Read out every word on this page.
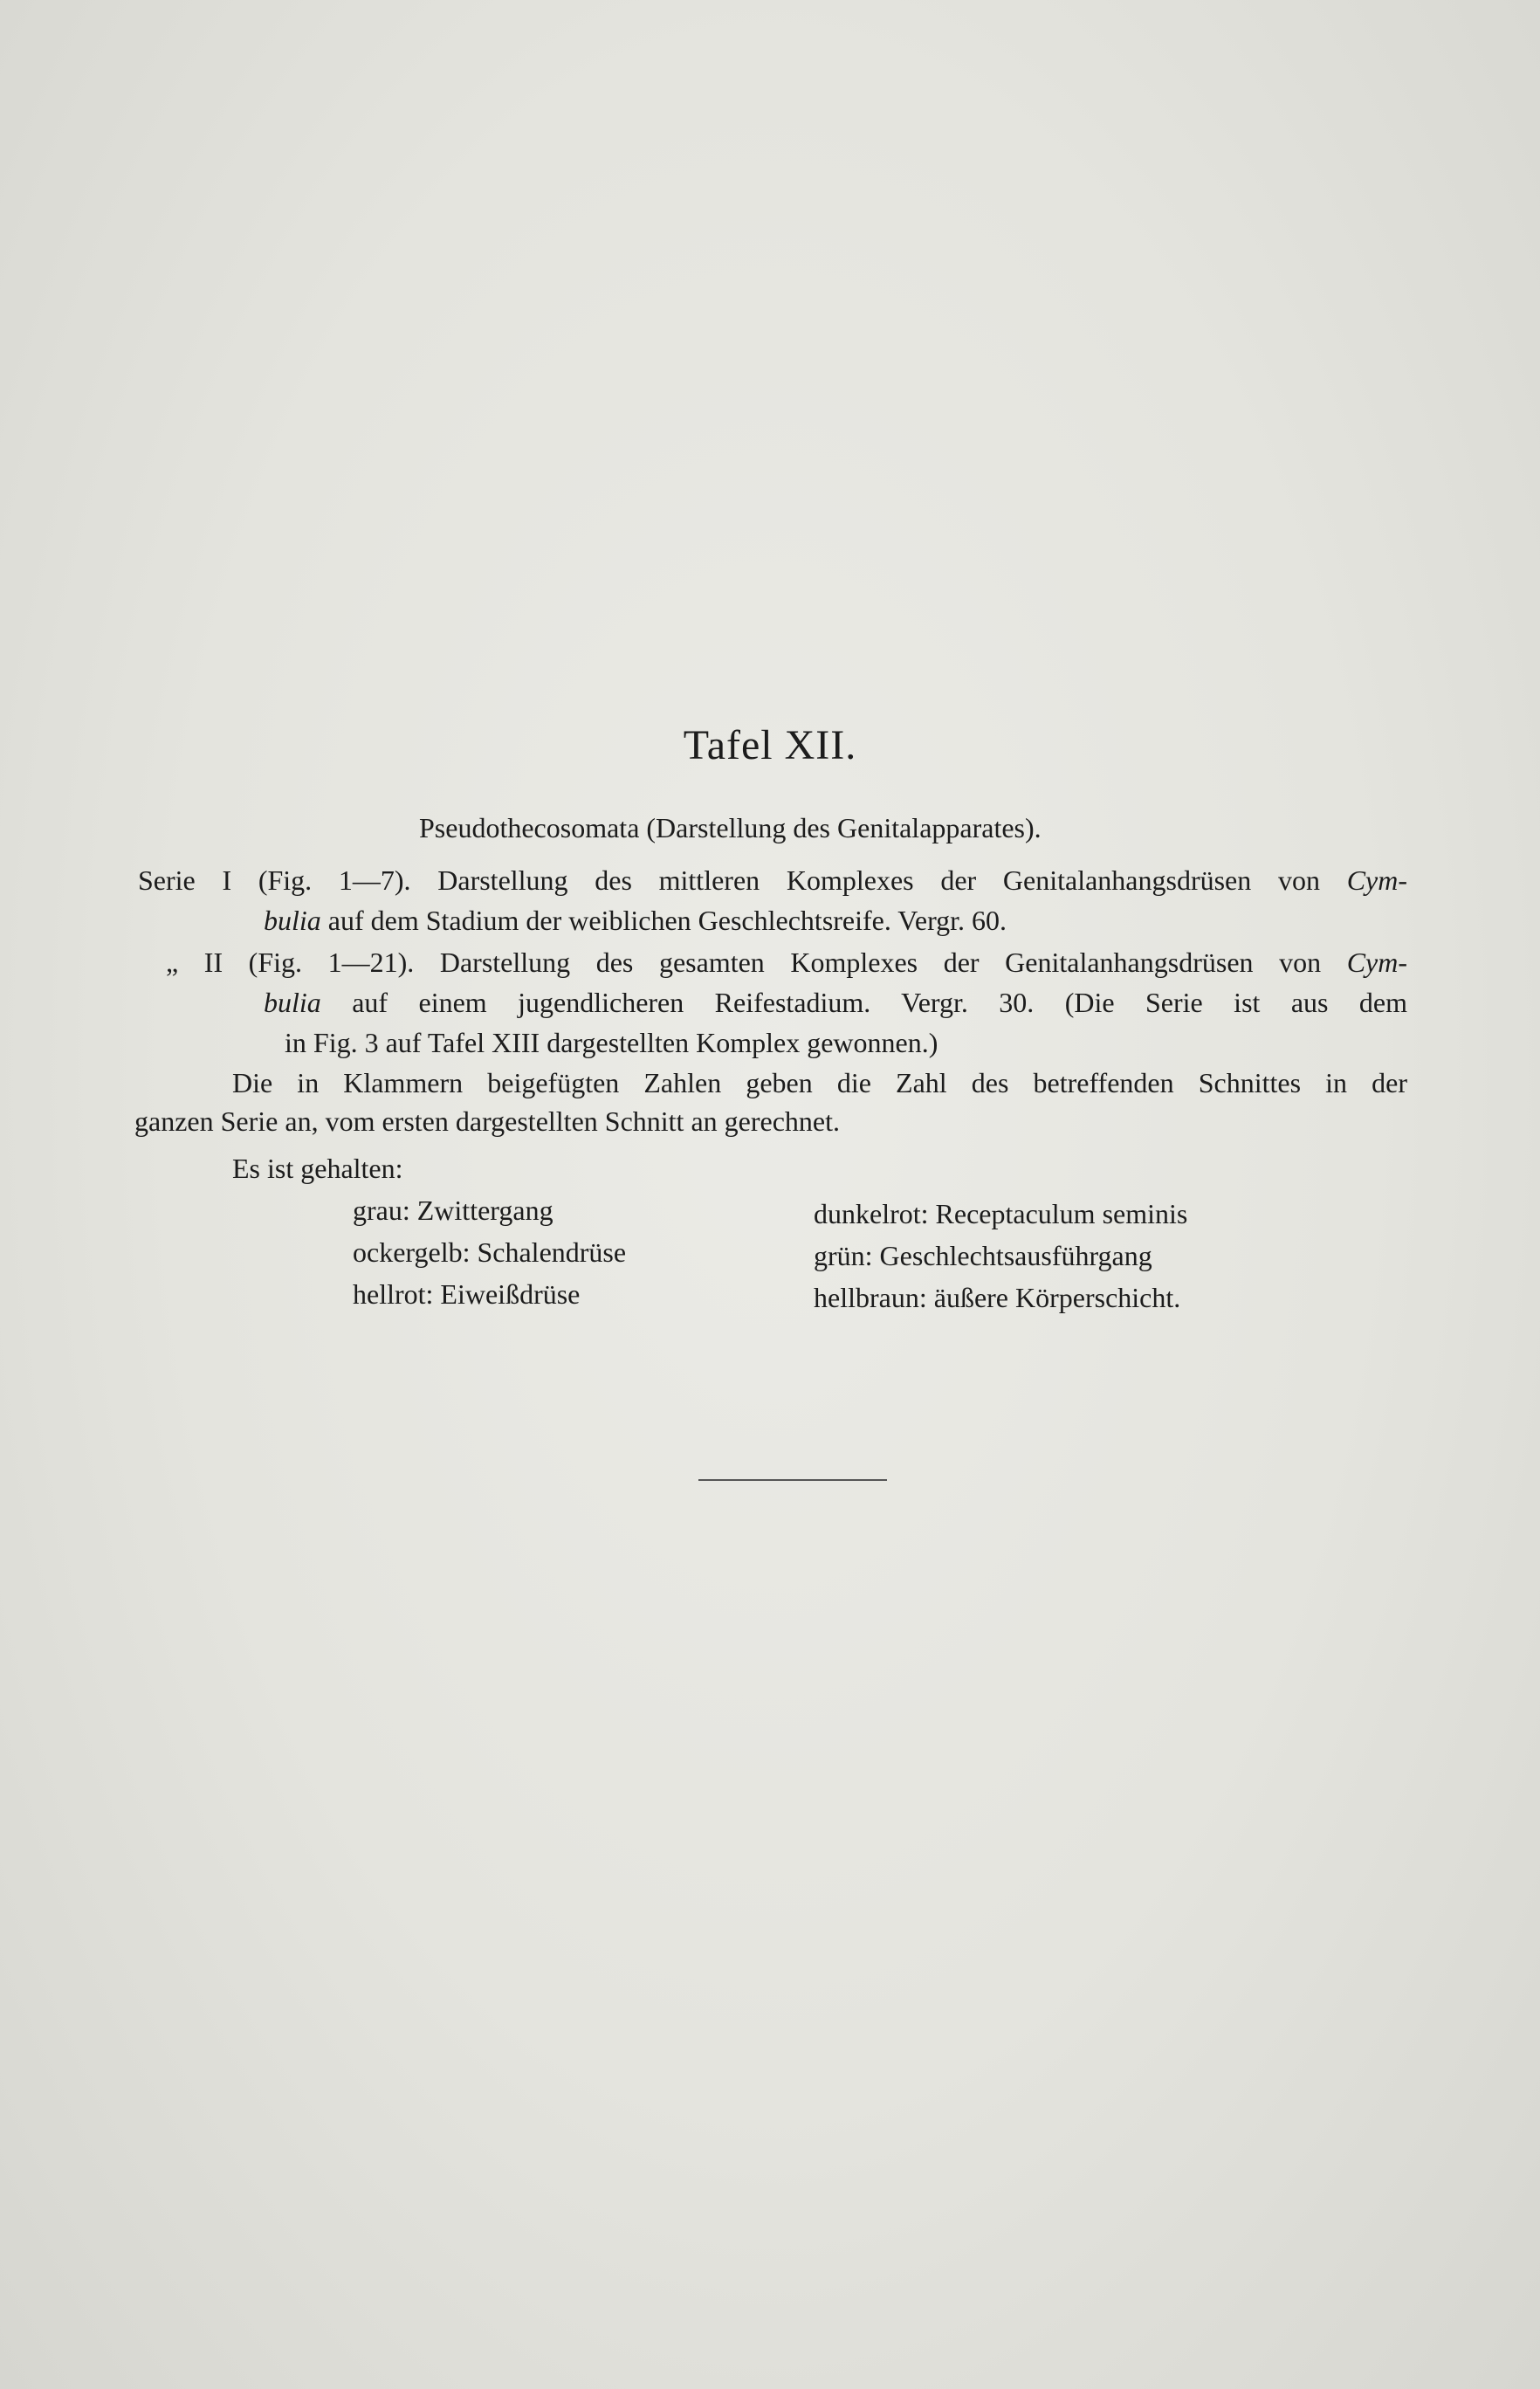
Tafel XII.
Pseudothecosomata (Darstellung des Genitalapparates).
Serie I (Fig. 1—7). Darstellung des mittleren Komplexes der Genitalanhangsdrüsen von Cym-
bulia auf dem Stadium der weiblichen Geschlechtsreife. Vergr. 60.
„ II (Fig. 1—21). Darstellung des gesamten Komplexes der Genitalanhangsdrüsen von Cym-
bulia auf einem jugendlicheren Reifestadium. Vergr. 30. (Die Serie ist aus dem
in Fig. 3 auf Tafel XIII dargestellten Komplex gewonnen.)
Die in Klammern beigefügten Zahlen geben die Zahl des betreffenden Schnittes in der
ganzen Serie an, vom ersten dargestellten Schnitt an gerechnet.
Es ist gehalten:
grau: Zwittergang
ockergelb: Schalendrüse
hellrot: Eiweißdrüse
dunkelrot: Receptaculum seminis
grün: Geschlechtsausführgang
hellbraun: äußere Körperschicht.
